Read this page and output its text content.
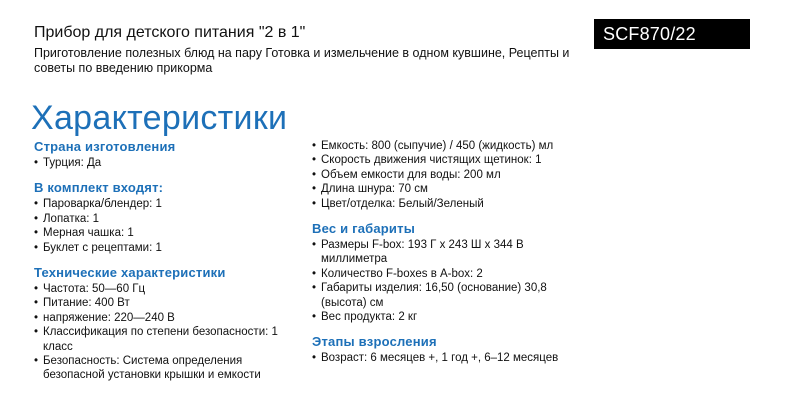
Прибор для детского питания "2 в 1"	SCF870/22
Приготовление полезных блюд на пару Готовка и измельчение в одном кувшине, Рецепты и советы по введению прикорма
Характеристики
Страна изготовления
• Турция: Да
В комплект входят:
• Пароварка/блендер: 1
• Лопатка: 1
• Мерная чашка: 1
• Буклет с рецептами: 1
Технические характеристики
• Частота: 50—60 Гц
• Питание: 400 Вт
• напряжение: 220—240 В
• Классификация по степени безопасности: 1 класс
• Безопасность: Система определения безопасной установки крышки и емкости
• Емкость: 800 (сыпучие) / 450 (жидкость) мл
• Скорость движения чистящих щетинок: 1
• Объем емкости для воды: 200 мл
• Длина шнура: 70 см
• Цвет/отделка: Белый/Зеленый
Вес и габариты
• Размеры F-box: 193 Г x 243 Ш x 344 В миллиметра
• Количество F-boxes в A-box: 2
• Габариты изделия: 16,50 (основание) 30,8 (высота) см
• Вес продукта: 2 кг
Этапы взросления
• Возраст: 6 месяцев +, 1 год +, 6–12 месяцев
